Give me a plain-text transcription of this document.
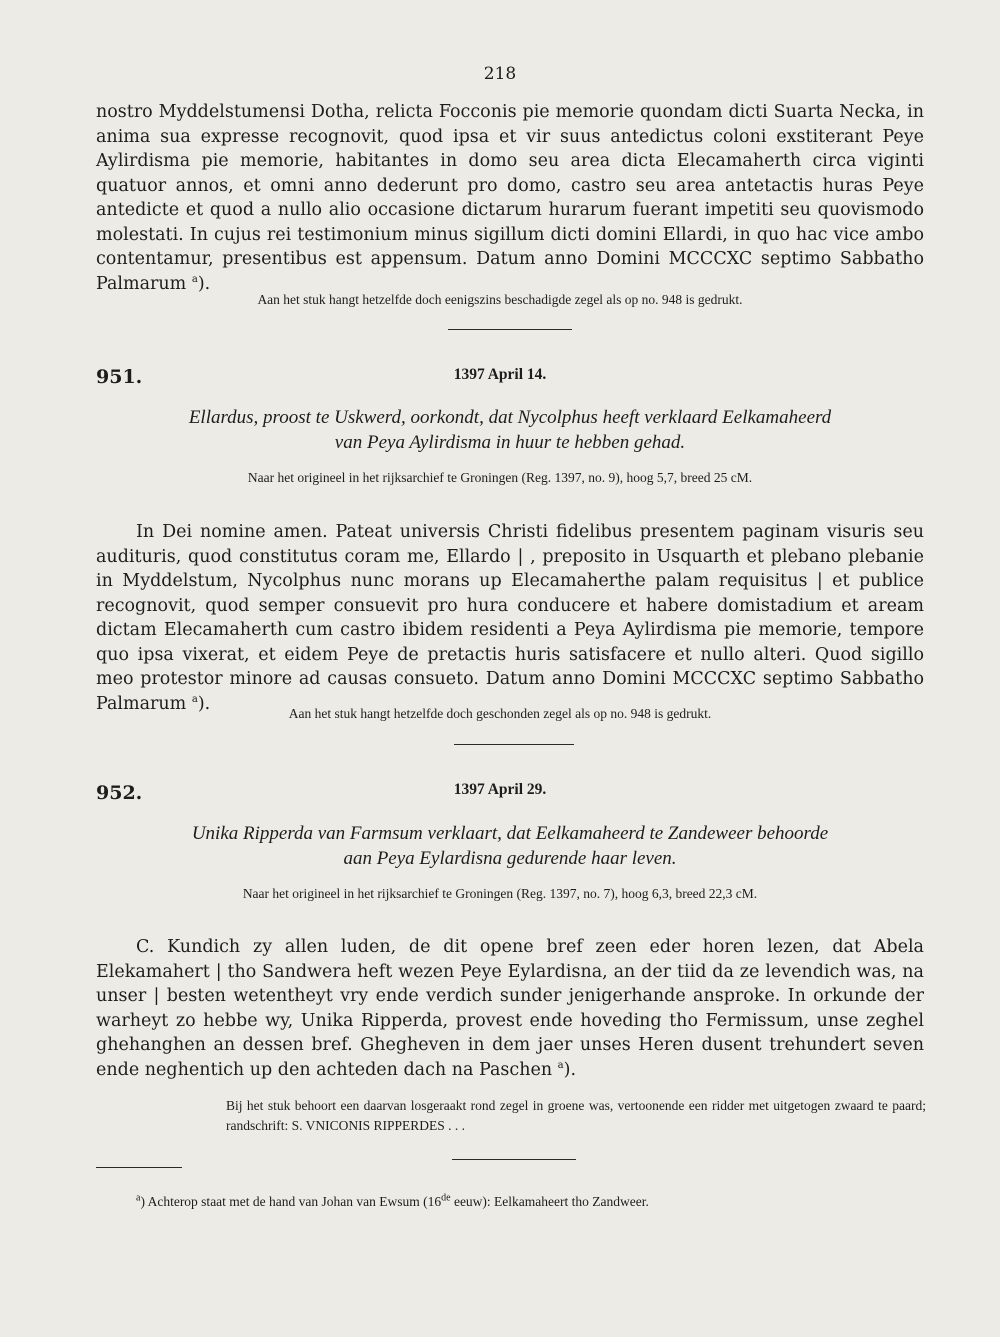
218
nostro Myddelstumensi Dotha, relicta Focconis pie memorie quondam dicti Suarta Necka, in anima sua expresse recognovit, quod ipsa et vir suus antedictus coloni exstiterant Peye Aylirdisma pie memorie, habitantes in domo seu area dicta Elecamaherth circa viginti quatuor annos, et omni anno dederunt pro domo, castro seu area antetactis huras Peye antedicte et quod a nullo alio occasione dictarum hurarum fuerant impetiti seu quovismodo molestati. In cujus rei testimonium minus sigillum dicti domini Ellardi, in quo hac vice ambo contentamur, presentibus est appensum. Datum anno Domini MCCCXC septimo Sabbatho Palmarum $^a$).
Aan het stuk hangt hetzelfde doch eenigszins beschadigde zegel als op no. 948 is gedrukt.
951.	1397 April 14.
Ellardus, proost te Uskwerd, oorkondt, dat Nycolphus heeft verklaard Eelkamaheerd
van Peya Aylirdisma in huur te hebben gehad.
Naar het origineel in het rijksarchief te Groningen (Reg. 1397, no. 9), hoog 5,7, breed 25 cM.
In Dei nomine amen. Pateat universis Christi fidelibus presentem paginam visuris seu audituris, quod constitutus coram me, Ellardo | , preposito in Usquarth et plebano plebanie in Myddelstum, Nycolphus nunc morans up Elecamaherthe palam requisitus | et publice recognovit, quod semper consuevit pro hura conducere et habere domistadium et aream dictam Elecamaherth cum castro ibidem residenti a Peya Aylirdisma pie memorie, tempore quo ipsa vixerat, et eidem Peye de pretactis huris satisfacere et nullo alteri. Quod sigillo meo protestor minore ad causas consueto. Datum anno Domini MCCCXC septimo Sabbatho Palmarum $^a$).	Aan het stuk hangt hetzelfde doch geschonden zegel als op no. 948 is gedrukt.
952.	1397 April 29.
Unika Ripperda van Farmsum verklaart, dat Eelkamaheerd te Zandeweer behoorde
aan Peya Eylardisna gedurende haar leven.
Naar het origineel in het rijksarchief te Groningen (Reg. 1397, no. 7), hoog 6,3, breed 22,3 cM.
C. Kundich zy allen luden, de dit opene bref zeen eder horen lezen, dat Abela Elekamahert | tho Sandwera heft wezen Peye Eylardisna, an der tiid da ze levendich was, na unser | besten wetentheyt vry ende verdich sunder jenigerhande ansproke. In orkunde der warheyt zo hebbe wy, Unika Ripperda, provest ende hoveding tho Fermissum, unse zeghel ghehanghen an dessen bref. Ghegheven in dem jaer unses Heren dusent trehundert seven ende neghentich up den achteden dach na Paschen $^a$).
Bij het stuk behoort een daarvan losgeraakt rond zegel in groene was, vertoonende een ridder met uitgetogen zwaard te paard; randschrift: S. VNICONIS RIPPERDES . . .
$^a$) Achterop staat met de hand van Johan van Ewsum (16de eeuw): Eelkamaheert tho Zandweer.
